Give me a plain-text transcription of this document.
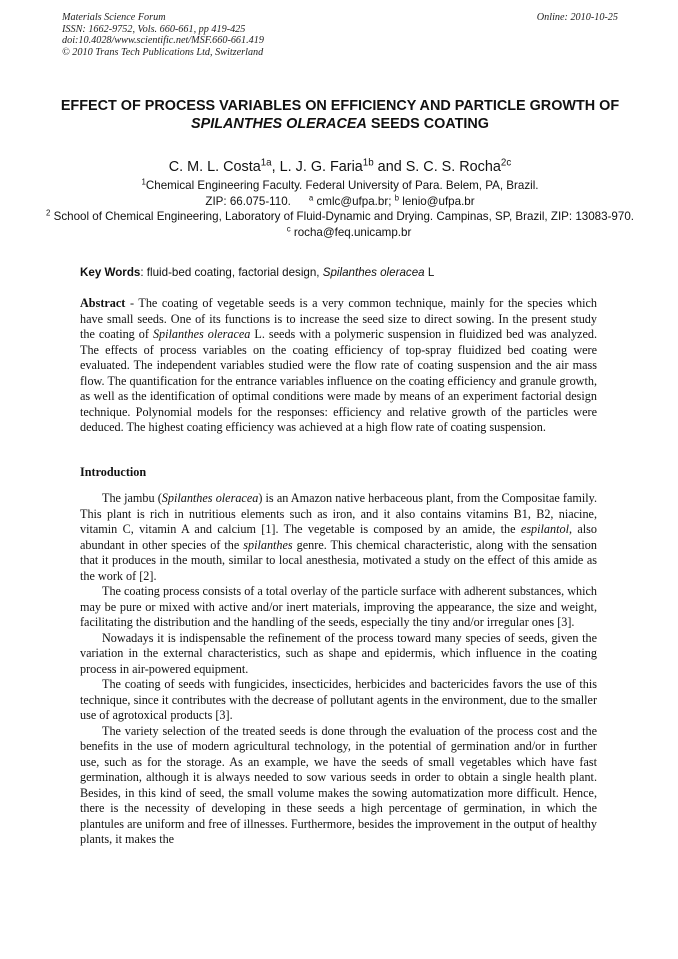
Materials Science Forum
ISSN: 1662-9752, Vols. 660-661, pp 419-425
doi:10.4028/www.scientific.net/MSF.660-661.419
© 2010 Trans Tech Publications Ltd, Switzerland
Online: 2010-10-25
EFFECT OF PROCESS VARIABLES ON EFFICIENCY AND PARTICLE GROWTH OF SPILANTHES OLERACEA SEEDS COATING
C. M. L. Costa$^{1a}$, L. J. G. Faria$^{1b}$ and S. C. S. Rocha$^{2c}$
$^1$Chemical Engineering Faculty. Federal University of Para. Belem, PA, Brazil.
ZIP: 66.075-110. $^a$ cmlc@ufpa.br; $^b$ lenio@ufpa.br
$^2$ School of Chemical Engineering, Laboratory of Fluid-Dynamic and Drying. Campinas, SP, Brazil, ZIP: 13083-970.$^c$ rocha@feq.unicamp.br
Key Words: fluid-bed coating, factorial design, Spilanthes oleracea L
Abstract - The coating of vegetable seeds is a very common technique, mainly for the species which have small seeds. One of its functions is to increase the seed size to direct sowing. In the present study the coating of Spilanthes oleracea L. seeds with a polymeric suspension in fluidized bed was analyzed. The effects of process variables on the coating efficiency of top-spray fluidized bed coating were evaluated. The independent variables studied were the flow rate of coating suspension and the air mass flow. The quantification for the entrance variables influence on the coating efficiency and granule growth, as well as the identification of optimal conditions were made by means of an experiment factorial design technique. Polynomial models for the responses: efficiency and relative growth of the particles were deduced. The highest coating efficiency was achieved at a high flow rate of coating suspension.
Introduction

The jambu (Spilanthes oleracea) is an Amazon native herbaceous plant, from the Compositae family. This plant is rich in nutritious elements such as iron, and it also contains vitamins B1, B2, niacine, vitamin C, vitamin A and calcium [1]. The vegetable is composed by an amide, the espilantol, also abundant in other species of the spilanthes genre. This chemical characteristic, along with the sensation that it produces in the mouth, similar to local anesthesia, motivated a study on the effect of this amide as the work of [2].

The coating process consists of a total overlay of the particle surface with adherent substances, which may be pure or mixed with active and/or inert materials, improving the appearance, the size and weight, facilitating the distribution and the handling of the seeds, especially the tiny and/or irregular ones [3].

Nowadays it is indispensable the refinement of the process toward many species of seeds, given the variation in the external characteristics, such as shape and epidermis, which influence in the coating process in air-powered equipment.

The coating of seeds with fungicides, insecticides, herbicides and bactericides favors the use of this technique, since it contributes with the decrease of pollutant agents in the environment, due to the smaller use of agrotoxical products [3].

The variety selection of the treated seeds is done through the evaluation of the process cost and the benefits in the use of modern agricultural technology, in the potential of germination and/or in further use, such as for the storage. As an example, we have the seeds of small vegetables which have fast germination, although it is always needed to sow various seeds in order to obtain a single health plant. Besides, in this kind of seed, the small volume makes the sowing automatization more difficult. Hence, there is the necessity of developing in these seeds a high percentage of germination, in which the plantules are uniform and free of illnesses. Furthermore, besides the improvement in the output of healthy plants, it makes the
